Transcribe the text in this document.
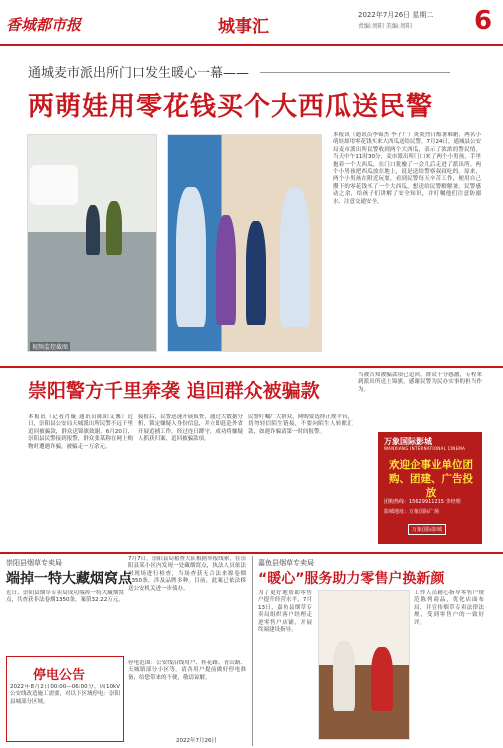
香城都市报	城事汇
2022年7月26日 星期二
责编:周阳 美编:周阳 6
通城麦市派出所门口发生暖心一幕——
两萌娃用零花钱买个大西瓜送民警
视频监控截图
本报讯（通讯员李锦杰 李子广）炎炎烈日酷暑难耐，两名小萌娃却用零花钱买来大西瓜送给民警。7月24日，通城县公安局麦市派出所民警收到两个大西瓜，表示了浓浓的警民情。当天中午11时30分，麦市派出所门口来了两个小男孩，手里抱着一个大西瓜，在门口犹豫了一会儿后走进了派出所。两个小男孩把西瓜放在地上，说是送给警察叔叔吃的。原来，两个小男孩在附近玩耍，看到民警每天辛苦工作，便用自己攒下的零花钱买了一个大西瓜，想送给民警解解暑。民警感动之余，给孩子们讲解了安全知识，并叮嘱他们注意防溺水、注意交通安全。
崇阳警方千里奔袭 追回群众被骗款
本报讯（记者肖璇 通讯员陈阳艾馨）近日，崇阳县公安局天城派出所民警不远千里追回被骗款，群众送锦旗致谢。6月20日，崇阳县民警接到报警，群众张某称在网上购物时遭遇诈骗，被骗走一万余元。
接报后，民警迅速开展侦查，通过大数据分析，锁定嫌疑人身份信息，并立即赶赴外省开展追捕工作。经过连日蹲守，成功将嫌疑人抓获归案，追回被骗款项。
民警叮嘱广大群众，网购要选择正规平台，切勿轻信陌生链接，不要向陌生人转账汇款，如遇诈骗请第一时间报警。
当被告知被骗款项已追回，群众十分感激，专程来到派出所送上锦旗，感谢民警为民办实事的担当作为。
万象国际影城
WANXIANG INTERNATIONAL CINEMA
欢迎企事业单位团购、团建、广告投放
团购热线：15629911215 李经理
影城地址：万象国际广场
万象国际影城
崇阳县烟草专卖局
端掉一特大藏烟窝点
近日，崇阳县烟草专卖局成功端掉一特大藏烟窝点，共查获非法卷烟1350条，案值32.22万元。
7月7日，崇阳县局稽查大队根据举报线索，在崇阳县某小区内发现一处藏烟窝点，执法人员依法对现场进行检查，当场查获无合法来源卷烟1350条，涉及品牌多种。目前，此案已依法移送公安机关进一步侦办。
停电公告
2022年8月2日00:00—06:00分，因10kV公安线改造施工需要，对以下区域停电：崇阳县城部分区域。
停电范围：公安线沿线用户、桂花路、青山路、天城镇部分小区等。请各用户提前做好停电准备，给您带来的不便，敬请谅解。
2022年7月26日
嘉鱼县烟草专卖局
“暖心”服务助力零售户换新颜
为了更好地帮助零售户提升经营水平，7月13日，嘉鱼县烟草专卖局组织客户经理走进零售户店铺，开展终端建设指导。
工作人员耐心指导零售户规范陈列商品，优化店面布局，并宣传烟草专卖法律法规，受到零售户的一致好评。
